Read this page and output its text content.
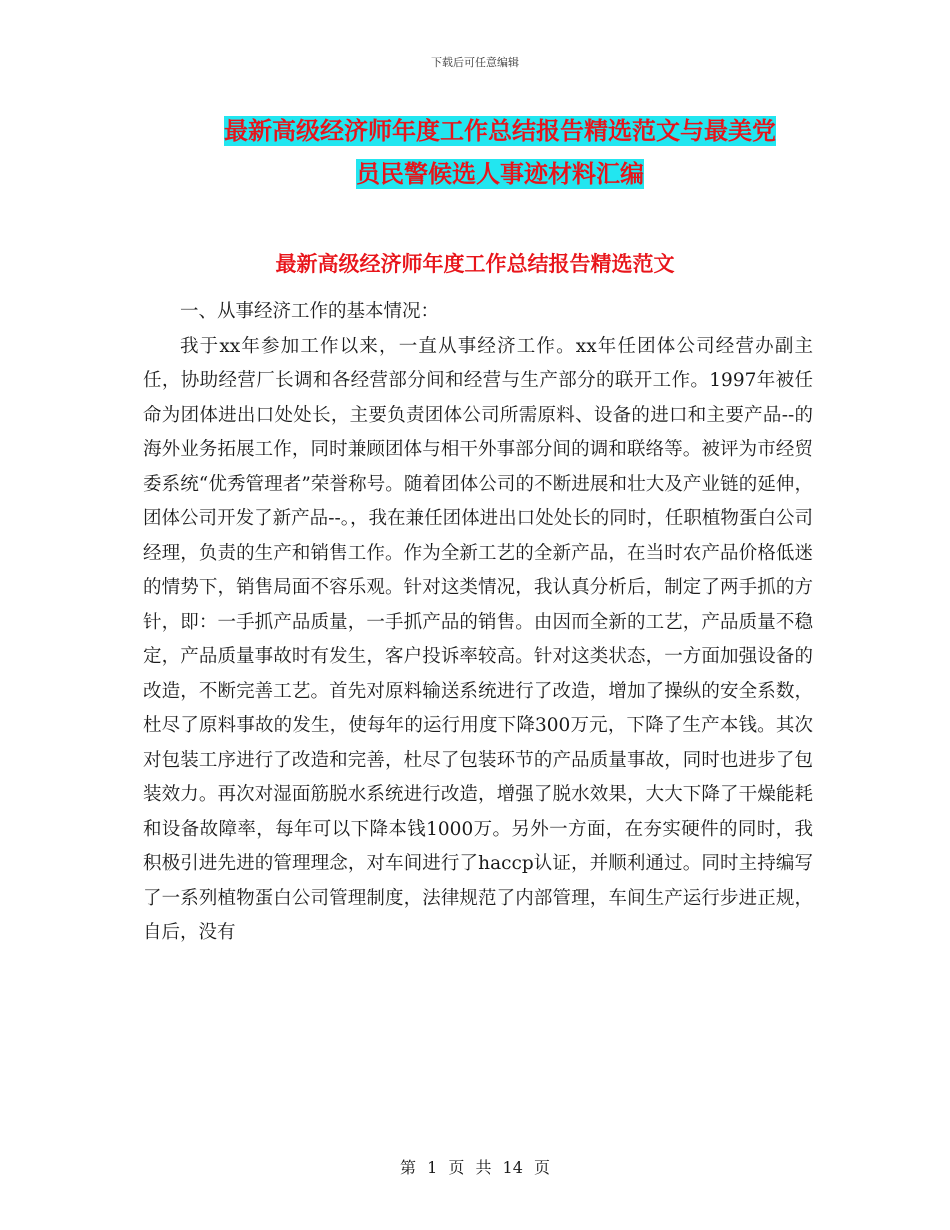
下载后可任意编辑
最新高级经济师年度工作总结报告精选范文与最美党
员民警候选人事迹材料汇编
最新高级经济师年度工作总结报告精选范文

一、从事经济工作的基本情况：

我于xx年参加工作以来，一直从事经济工作。xx年任团体公司经营办副主任，协助经营厂长调和各经营部分间和经营与生产部分的联开工作。1997年被任命为团体进出口处处长，主要负责团体公司所需原料、设备的进口和主要产品--的海外业务拓展工作，同时兼顾团体与相干外事部分间的调和联络等。被评为市经贸委系统“优秀管理者”荣誉称号。随着团体公司的不断进展和壮大及产业链的延伸，团体公司开发了新产品--。，我在兼任团体进出口处处长的同时，任职植物蛋白公司经理，负责的生产和销售工作。作为全新工艺的全新产品，在当时农产品价格低迷的情势下，销售局面不容乐观。针对这类情况，我认真分析后，制定了两手抓的方针，即：一手抓产品质量，一手抓产品的销售。由因而全新的工艺，产品质量不稳定，产品质量事故时有发生，客户投诉率较高。针对这类状态，一方面加强设备的改造，不断完善工艺。首先对原料输送系统进行了改造，增加了操纵的安全系数，杜尽了原料事故的发生，使每年的运行用度下降300万元，下降了生产本钱。其次对包装工序进行了改造和完善，杜尽了包装环节的产品质量事故，同时也进步了包装效力。再次对湿面筋脱水系统进行改造，增强了脱水效果，大大下降了干燥能耗和设备故障率，每年可以下降本钱1000万。另外一方面，在夯实硬件的同时，我积极引进先进的管理理念，对车间进行了haccp认证，并顺利通过。同时主持编写了一系列植物蛋白公司管理制度，法律规范了内部管理，车间生产运行步进正规，自后，没有

第 1 页 共 14 页
